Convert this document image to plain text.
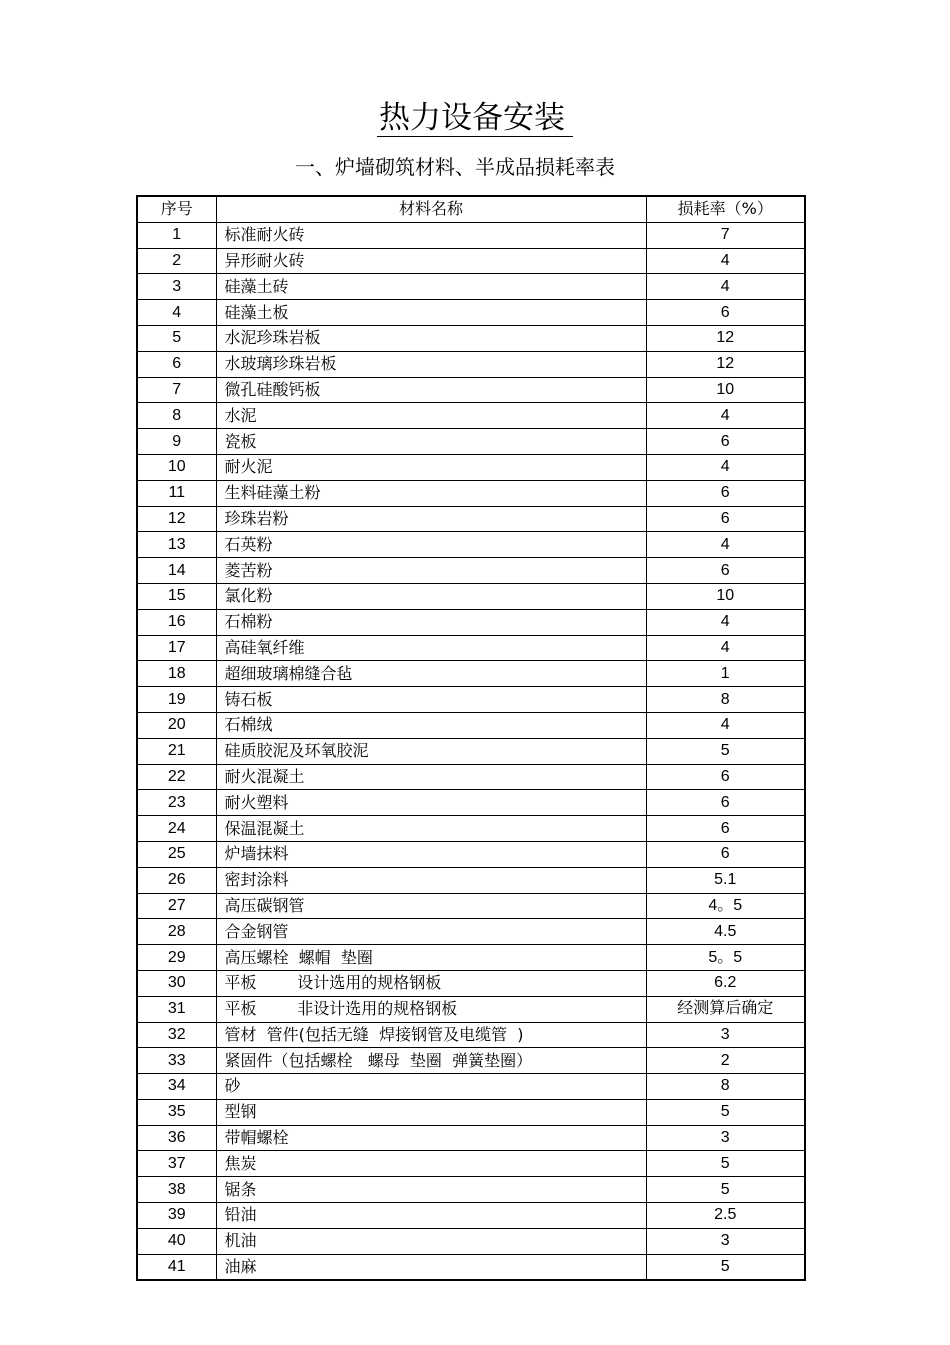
热力设备安装
一、炉墙砌筑材料、半成品损耗率表
序号	材料名称	损耗率（%）
1	标准耐火砖	7
2	异形耐火砖	4
3	硅藻土砖	4
4	硅藻土板	6
5	水泥珍珠岩板	12
6	水玻璃珍珠岩板	12
7	微孔硅酸钙板	10
8	水泥	4
9	瓷板	6
10	耐火泥	4
11	生料硅藻土粉	6
12	珍珠岩粉	6
13	石英粉	4
14	菱苦粉	6
15	氯化粉	10
16	石棉粉	4
17	高硅氧纤维	4
18	超细玻璃棉缝合毡	1
19	铸石板	8
20	石棉绒	4
21	硅质胶泥及环氧胶泥	5
22	耐火混凝土	6
23	耐火塑料	6
24	保温混凝土	6
25	炉墙抹料	6
26	密封涂料	5.1
27	高压碳钢管	4。5
28	合金钢管	4.5
29	高压螺栓  螺帽  垫圈	5。5
30	平板        设计选用的规格钢板	6.2
31	平板        非设计选用的规格钢板	经测算后确定
32	管材  管件(包括无缝  焊接钢管及电缆管  )	3
33	紧固件（包括螺栓   螺母  垫圈  弹簧垫圈）	2
34	砂	8
35	型钢	5
36	带帽螺栓	3
37	焦炭	5
38	锯条	5
39	铅油	2.5
40	机油	3
41	油麻	5
